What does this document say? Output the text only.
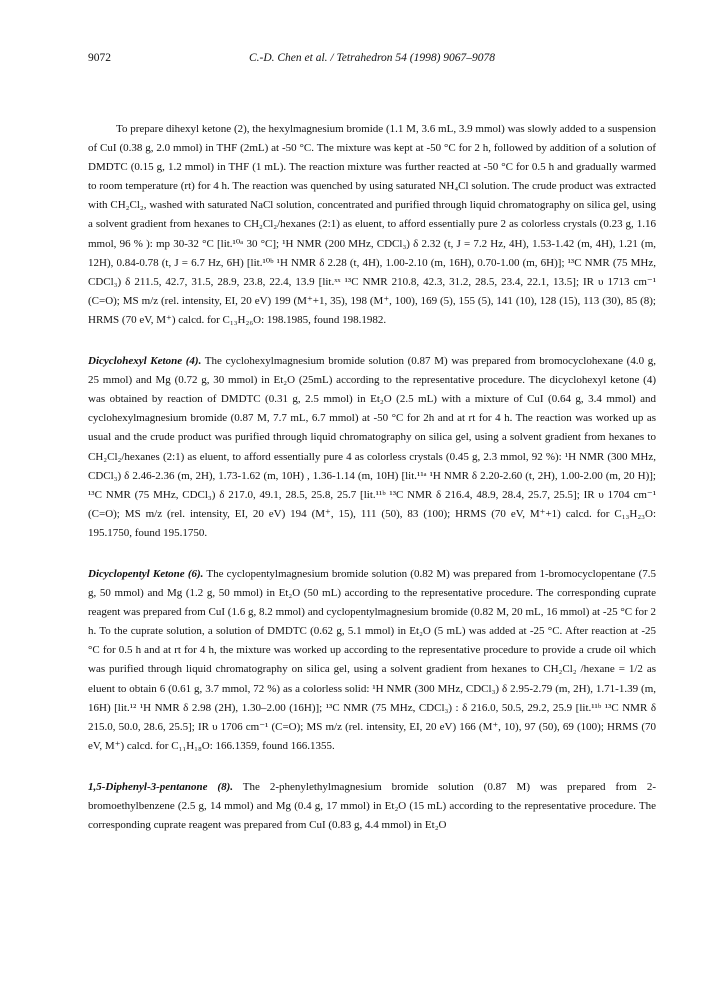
9072	C.-D. Chen et al. / Tetrahedron 54 (1998) 9067–9078

To prepare dihexyl ketone (2), the hexylmagnesium bromide (1.1 M, 3.6 mL, 3.9 mmol) was slowly added to a suspension of CuI (0.38 g, 2.0 mmol) in THF (2mL) at -50 °C. The mixture was kept at -50 °C for 2 h, followed by addition of a solution of DMDTC (0.15 g, 1.2 mmol) in THF (1 mL). The reaction mixture was further reacted at -50 °C for 0.5 h and gradually warmed to room temperature (rt) for 4 h. The reaction was quenched by using saturated NH₄Cl solution. The crude product was extracted with CH₂Cl₂, washed with saturated NaCl solution, concentrated and purified through liquid chromatography on silica gel, using a solvent gradient from hexanes to CH₂Cl₂/hexanes (2:1) as eluent, to afford essentially pure 2 as colorless crystals (0.23 g, 1.16 mmol, 96 % ): mp 30-32 °C [lit.¹⁰ᵃ 30 °C]; ¹H NMR (200 MHz, CDCl₃) δ 2.32 (t, J = 7.2 Hz, 4H), 1.53-1.42 (m, 4H), 1.21 (m, 12H), 0.84-0.78 (t, J = 6.7 Hz, 6H) [lit.¹⁰ᵇ ¹H NMR δ 2.28 (t, 4H), 1.00-2.10 (m, 16H), 0.70-1.00 (m, 6H)]; ¹³C NMR (75 MHz, CDCl₃) δ 211.5, 42.7, 31.5, 28.9, 23.8, 22.4, 13.9 [lit.ˣˣ ¹³C NMR 210.8, 42.3, 31.2, 28.5, 23.4, 22.1, 13.5]; IR υ 1713 cm⁻¹ (C=O); MS m/z (rel. intensity, EI, 20 eV) 199 (M⁺+1, 35), 198 (M⁺, 100), 169 (5), 155 (5), 141 (10), 128 (15), 113 (30), 85 (8); HRMS (70 eV, M⁺) calcd. for C₁₃H₂₆O: 198.1985, found 198.1982.

Dicyclohexyl Ketone (4). The cyclohexylmagnesium bromide solution (0.87 M) was prepared from bromocyclohexane (4.0 g, 25 mmol) and Mg (0.72 g, 30 mmol) in Et₂O (25mL) according to the representative procedure. The dicyclohexyl ketone (4) was obtained by reaction of DMDTC (0.31 g, 2.5 mmol) in Et₂O (2.5 mL) with a mixture of CuI (0.64 g, 3.4 mmol) and cyclohexylmagnesium bromide (0.87 M, 7.7 mL, 6.7 mmol) at -50 °C for 2h and at rt for 4 h. The reaction was worked up as usual and the crude product was purified through liquid chromatography on silica gel, using a solvent gradient from hexanes to CH₂Cl₂/hexanes (2:1) as eluent, to afford essentially pure 4 as colorless crystals (0.45 g, 2.3 mmol, 92 %): ¹H NMR (300 MHz, CDCl₃) δ 2.46-2.36 (m, 2H), 1.73-1.62 (m, 10H) , 1.36-1.14 (m, 10H) [lit.¹¹ᵃ ¹H NMR δ 2.20-2.60 (t, 2H), 1.00-2.00 (m, 20 H)]; ¹³C NMR (75 MHz, CDCl₃) δ 217.0, 49.1, 28.5, 25.8, 25.7 [lit.¹¹ᵇ ¹³C NMR δ 216.4, 48.9, 28.4, 25.7, 25.5]; IR υ 1704 cm⁻¹ (C=O); MS m/z (rel. intensity, EI, 20 eV) 194 (M⁺, 15), 111 (50), 83 (100); HRMS (70 eV, M⁺+1) calcd. for C₁₃H₂₃O: 195.1750, found 195.1750.

Dicyclopentyl Ketone (6). The cyclopentylmagnesium bromide solution (0.82 M) was prepared from 1-bromocyclopentane (7.5 g, 50 mmol) and Mg (1.2 g, 50 mmol) in Et₂O (50 mL) according to the representative procedure. The corresponding cuprate reagent was prepared from CuI (1.6 g, 8.2 mmol) and cyclopentylmagnesium bromide (0.82 M, 20 mL, 16 mmol) at -25 °C for 2 h. To the cuprate solution, a solution of DMDTC (0.62 g, 5.1 mmol) in Et₂O (5 mL) was added at -25 °C. After reaction at -25 °C for 0.5 h and at rt for 4 h, the mixture was worked up according to the representative procedure to provide a crude oil which was purified through liquid chromatography on silica gel, using a solvent gradient from hexanes to CH₂Cl₂ /hexane = 1/2 as eluent to obtain 6 (0.61 g, 3.7 mmol, 72 %) as a colorless solid: ¹H NMR (300 MHz, CDCl₃) δ 2.95-2.79 (m, 2H), 1.71-1.39 (m, 16H) [lit.¹² ¹H NMR δ 2.98 (2H), 1.30–2.00 (16H)]; ¹³C NMR (75 MHz, CDCl₃) : δ 216.0, 50.5, 29.2, 25.9 [lit.¹¹ᵇ ¹³C NMR δ 215.0, 50.0, 28.6, 25.5]; IR υ 1706 cm⁻¹ (C=O); MS m/z (rel. intensity, EI, 20 eV) 166 (M⁺, 10), 97 (50), 69 (100); HRMS (70 eV, M⁺) calcd. for C₁₁H₁₈O: 166.1359, found 166.1355.

1,5-Diphenyl-3-pentanone (8). The 2-phenylethylmagnesium bromide solution (0.87 M) was prepared from 2-bromoethylbenzene (2.5 g, 14 mmol) and Mg (0.4 g, 17 mmol) in Et₂O (15 mL) according to the representative procedure. The corresponding cuprate reagent was prepared from CuI (0.83 g, 4.4 mmol) in Et₂O
